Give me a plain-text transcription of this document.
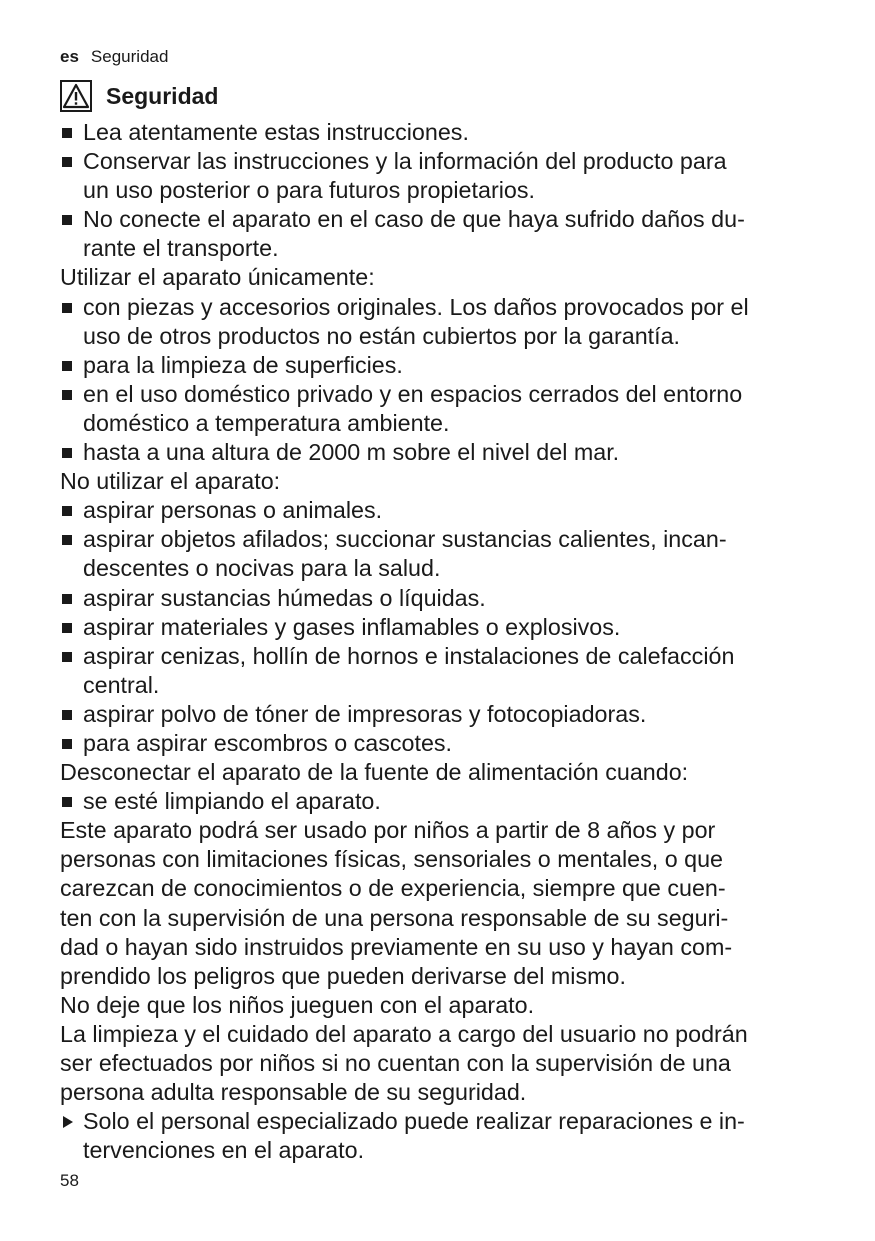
es Seguridad
Seguridad
Lea atentamente estas instrucciones.
Conservar las instrucciones y la información del producto para
un uso posterior o para futuros propietarios.
No conecte el aparato en el caso de que haya sufrido daños du-
rante el transporte.
Utilizar el aparato únicamente:
con piezas y accesorios originales. Los daños provocados por el
uso de otros productos no están cubiertos por la garantía.
para la limpieza de superficies.
en el uso doméstico privado y en espacios cerrados del entorno
doméstico a temperatura ambiente.
hasta a una altura de 2000 m sobre el nivel del mar.
No utilizar el aparato:
aspirar personas o animales.
aspirar objetos afilados; succionar sustancias calientes, incan-
descentes o nocivas para la salud.
aspirar sustancias húmedas o líquidas.
aspirar materiales y gases inflamables o explosivos.
aspirar cenizas, hollín de hornos e instalaciones de calefacción
central.
aspirar polvo de tóner de impresoras y fotocopiadoras.
para aspirar escombros o cascotes.
Desconectar el aparato de la fuente de alimentación cuando:
se esté limpiando el aparato.
Este aparato podrá ser usado por niños a partir de 8 años y por
personas con limitaciones físicas, sensoriales o mentales, o que
carezcan de conocimientos o de experiencia, siempre que cuen-
ten con la supervisión de una persona responsable de su seguri-
dad o hayan sido instruidos previamente en su uso y hayan com-
prendido los peligros que pueden derivarse del mismo.
No deje que los niños jueguen con el aparato.
La limpieza y el cuidado del aparato a cargo del usuario no podrán
ser efectuados por niños si no cuentan con la supervisión de una
persona adulta responsable de su seguridad.
Solo el personal especializado puede realizar reparaciones e in-
tervenciones en el aparato.
58
